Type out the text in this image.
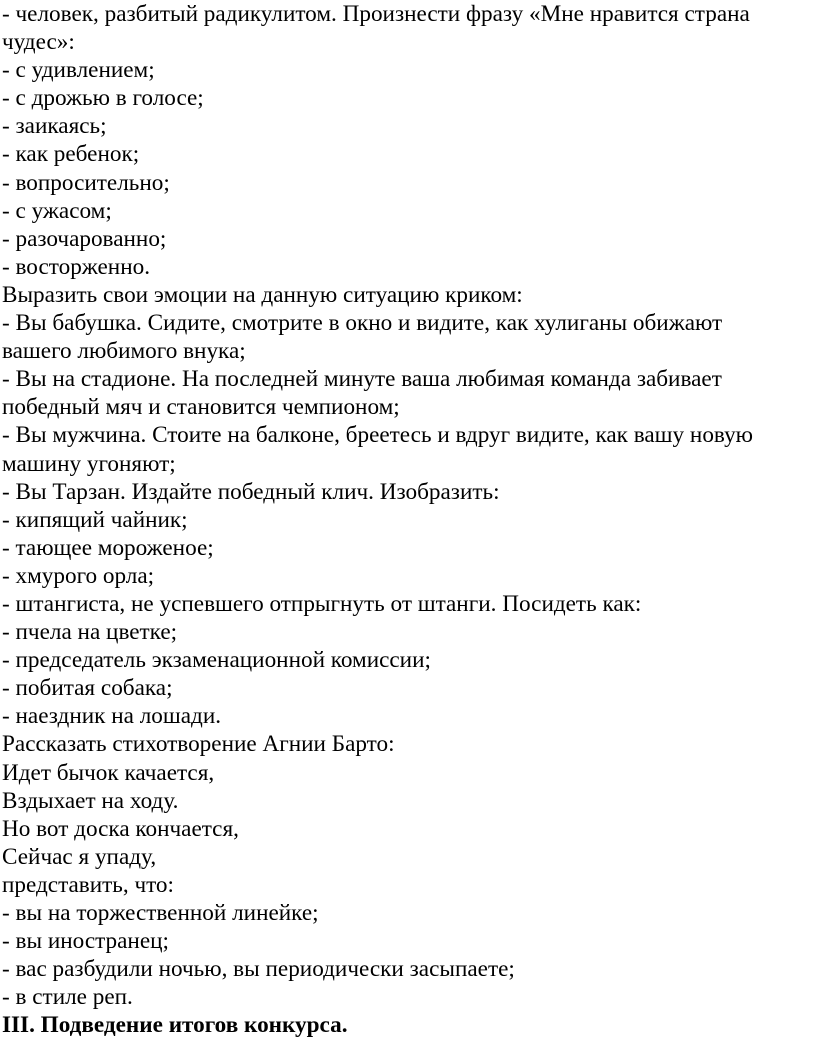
- человек, разбитый радикулитом. Произнести фразу «Мне нравится страна
чудес»:
- с удивлением;
- с дрожью в голосе;
- заикаясь;
- как ребенок;
- вопросительно;
- с ужасом;
- разочарованно;
- восторженно.
Выразить свои эмоции на данную ситуацию криком:
- Вы бабушка. Сидите, смотрите в окно и видите, как хулиганы обижают
вашего любимого внука;
- Вы на стадионе. На последней минуте ваша любимая команда забивает
победный мяч и становится чемпионом;
- Вы мужчина. Стоите на балконе, бреетесь и вдруг видите, как вашу новую
машину угоняют;
- Вы Тарзан. Издайте победный клич. Изобразить:
- кипящий чайник;
- тающее мороженое;
- хмурого орла;
- штангиста, не успевшего отпрыгнуть от штанги. Посидеть как:
- пчела на цветке;
- председатель экзаменационной комиссии;
- побитая собака;
- наездник на лошади.
Рассказать стихотворение Агнии Барто:
Идет бычок качается,
Вздыхает на ходу.
Но вот доска кончается,
Сейчас я упаду,
представить, что:
- вы на торжественной линейке;
- вы иностранец;
- вас разбудили ночью, вы периодически засыпаете;
- в стиле реп.
III. Подведение итогов конкурса.
